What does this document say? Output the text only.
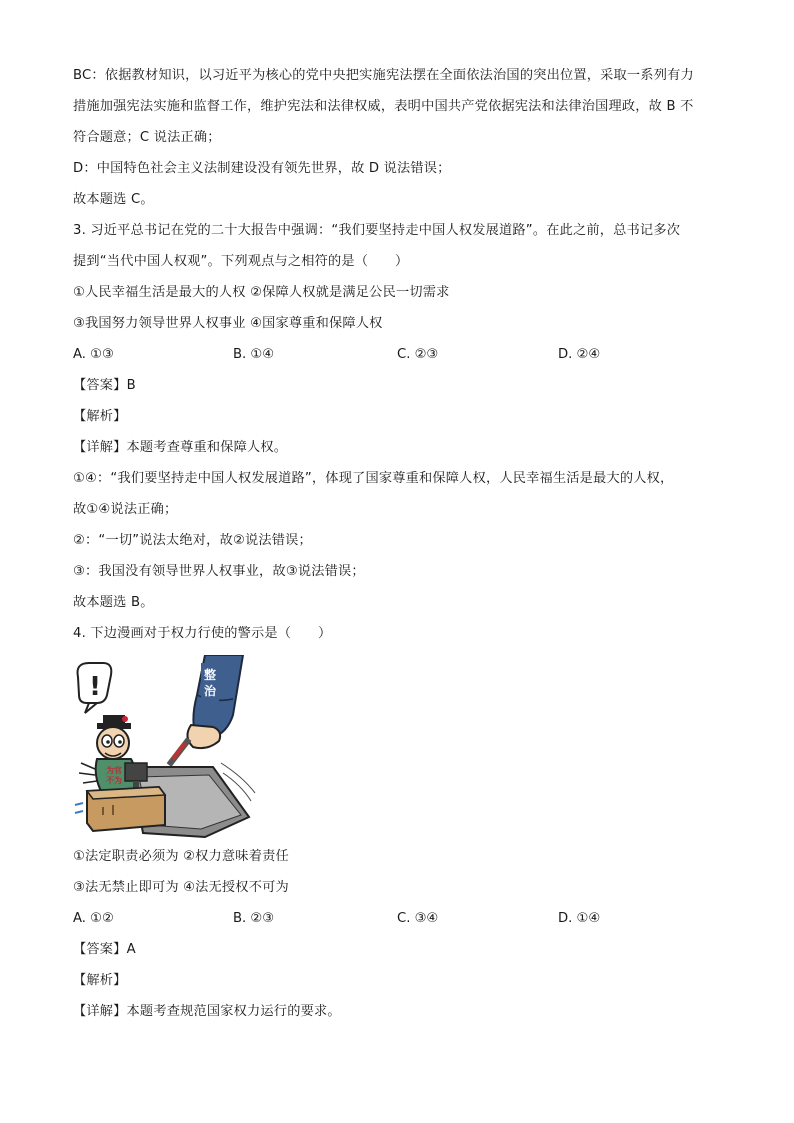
BC：依据教材知识，以习近平为核心的党中央把实施宪法摆在全面依法治国的突出位置，采取一系列有力
措施加强宪法实施和监督工作，维护宪法和法律权威，表明中国共产党依据宪法和法律治国理政，故 B 不
符合题意；C 说法正确；
D：中国特色社会主义法制建设没有领先世界，故 D 说法错误；
故本题选 C。
3. 习近平总书记在党的二十大报告中强调：“我们要坚持走中国人权发展道路”。在此之前，总书记多次
提到“当代中国人权观”。下列观点与之相符的是（　　）
①人民幸福生活是最大的人权 ②保障人权就是满足公民一切需求
③我国努力领导世界人权事业 ④国家尊重和保障人权
A. ①③	B. ①④	C. ②③	D. ②④
【答案】B
【解析】
【详解】本题考查尊重和保障人权。
①④：“我们要坚持走中国人权发展道路”，体现了国家尊重和保障人权，人民幸福生活是最大的人权，
故①④说法正确；
②：“一切”说法太绝对，故②说法错误；
③：我国没有领导世界人权事业，故③说法错误；
故本题选 B。
4. 下边漫画对于权力行使的警示是（　　）
!	整
治
为官
不为
①法定职责必须为 ②权力意味着责任
③法无禁止即可为 ④法无授权不可为
A. ①②	B. ②③	C. ③④	D. ①④
【答案】A
【解析】
【详解】本题考查规范国家权力运行的要求。
